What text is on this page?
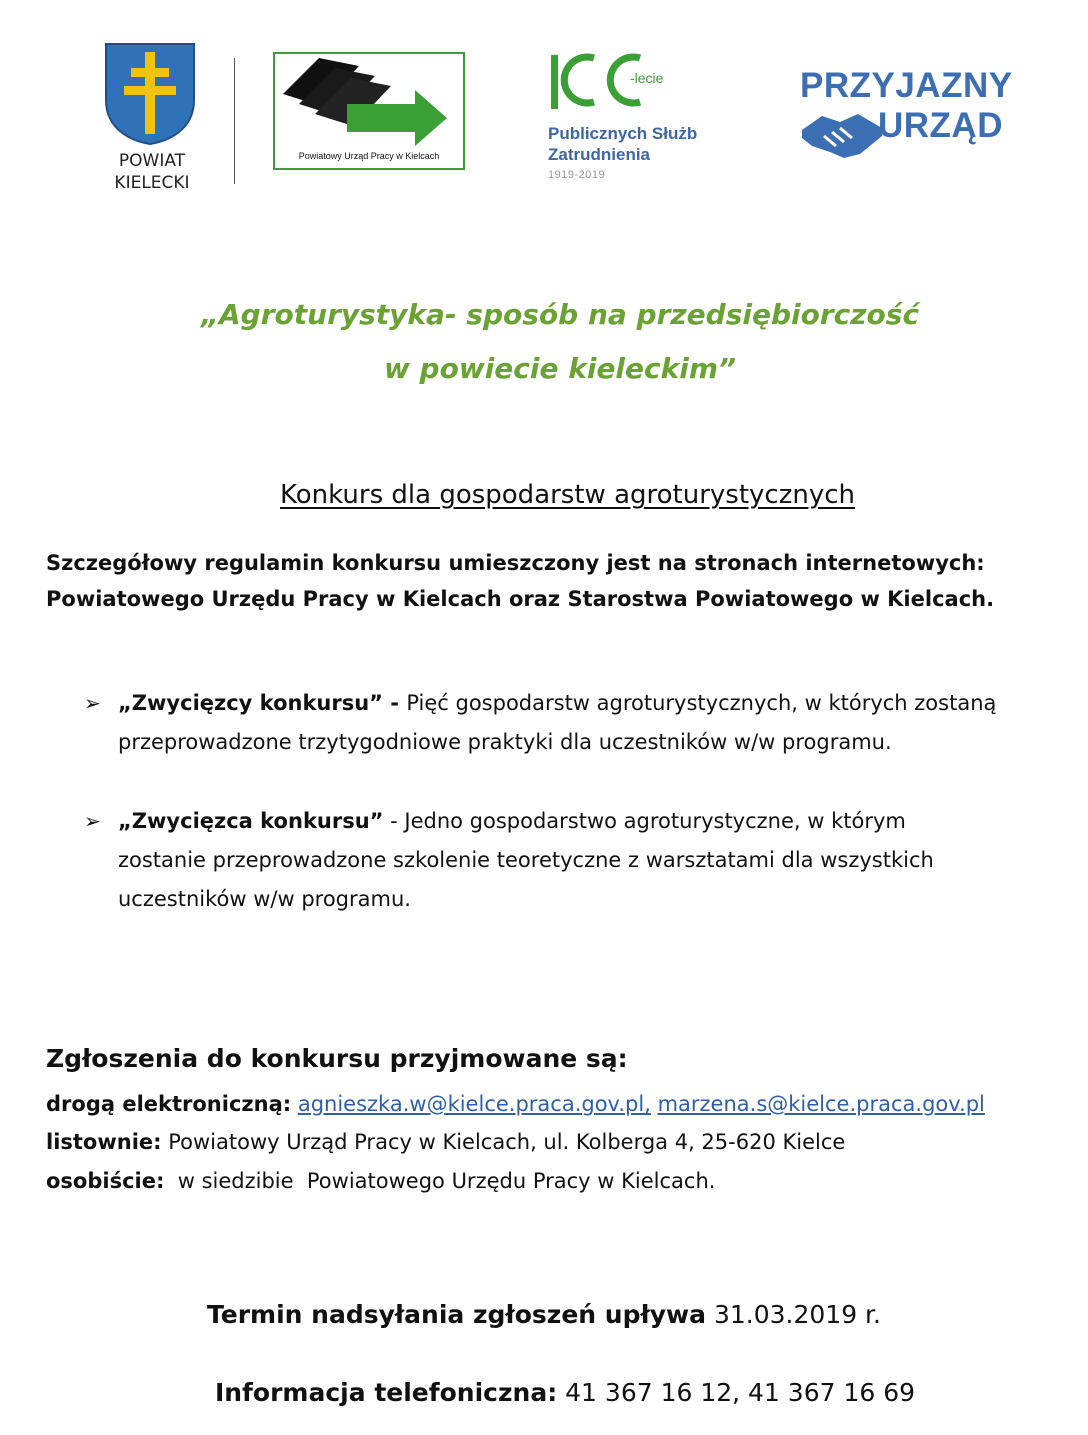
POWIAT
KIELECKI
Powiatowy Urząd Pracy w Kielcach
-lecie
Publicznych Służb
Zatrudnienia
1919-2019
PRZYJAZNY
URZĄD
„Agroturystyka- sposób na przedsiębiorczość
w powiecie kieleckim”
Konkurs dla gospodarstw agroturystycznych
Szczegółowy regulamin konkursu umieszczony jest na stronach internetowych:
Powiatowego Urzędu Pracy w Kielcach oraz Starostwa Powiatowego w Kielcach.
➢ „Zwycięzcy konkursu” - Pięć gospodarstw agroturystycznych, w których zostaną
przeprowadzone trzytygodniowe praktyki dla uczestników w/w programu.
➢ „Zwycięzca konkursu” - Jedno gospodarstwo agroturystyczne, w którym
zostanie przeprowadzone szkolenie teoretyczne z warsztatami dla wszystkich
uczestników w/w programu.
Zgłoszenia do konkursu przyjmowane są:
drogą elektroniczną: agnieszka.w@kielce.praca.gov.pl, marzena.s@kielce.praca.gov.pl
listownie: Powiatowy Urząd Pracy w Kielcach, ul. Kolberga 4, 25-620 Kielce
osobiście:  w siedzibie  Powiatowego Urzędu Pracy w Kielcach.
Termin nadsyłania zgłoszeń upływa 31.03.2019 r.
Informacja telefoniczna: 41 367 16 12, 41 367 16 69
